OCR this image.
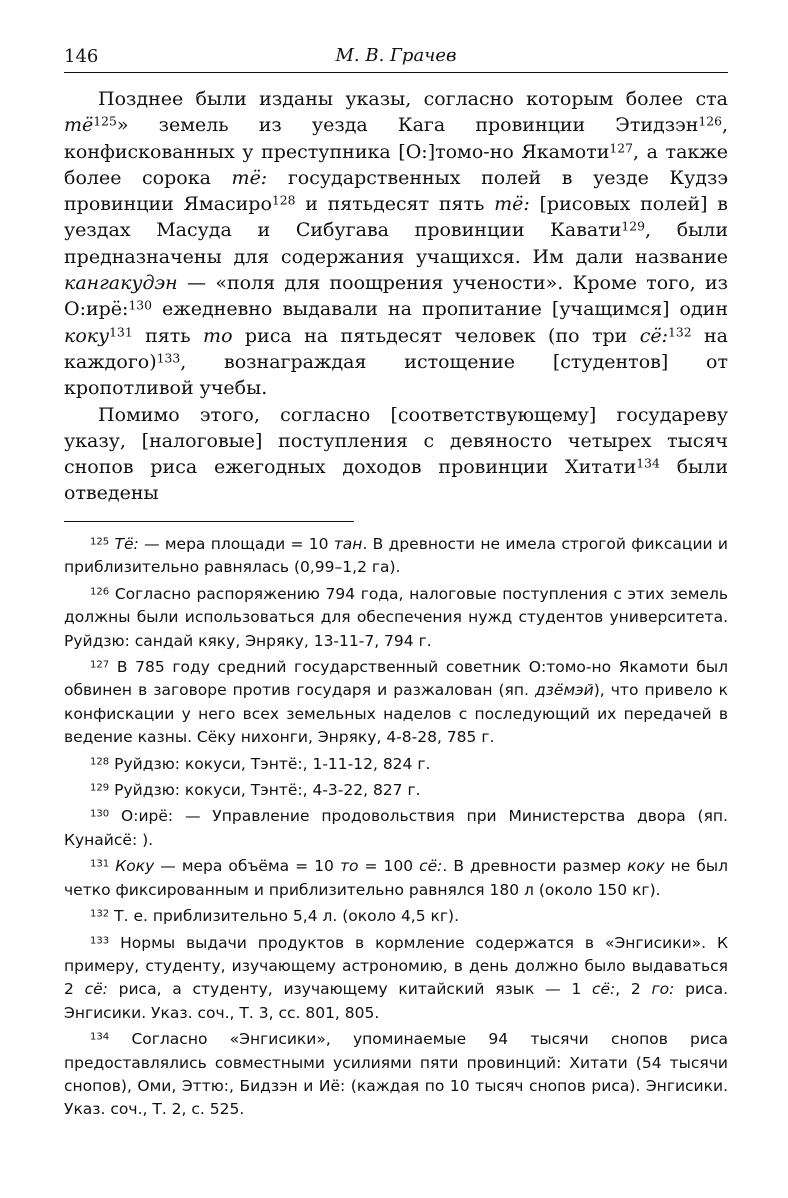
146	М. В. Грачев

Позднее были изданы указы, согласно которым более ста $тё^{125}$» земель из уезда Кага провинции Этидзэн$^{126}$, конфискованных у преступника [О:]томо-но Якамоти$^{127}$, а также более сорока тё: государственных полей в уезде Кудзэ провинции Ямасиро$^{128}$ и пятьдесят пять тё: [рисовых полей] в уездах Масуда и Сибугава провинции Кавати$^{129}$, были предназначены для содержания учащихся. Им дали название кангакудэн — «поля для поощрения учености». Кроме того, из О:ирё:$^{130}$ ежедневно выдавали на пропитание [учащимся] один коку$^{131}$ пять то риса на пятьдесят человек (по три сё:$^{132}$ на каждого)$^{133}$, вознаграждая истощение [студентов] от кропотливой учебы.

Помимо этого, согласно [соответствующему] государеву указу, [налоговые] поступления с девяносто четырех тысяч снопов риса ежегодных доходов провинции Хитати$^{134}$ были отведены

$^{125}$ Тё: — мера площади = 10 тан. В древности не имела строгой фиксации и приблизительно равнялась (0,99–1,2 га).

$^{126}$ Согласно распоряжению 794 года, налоговые поступления с этих земель должны были использоваться для обеспечения нужд студентов университета. Руйдзю: сандай кяку, Энряку, 13-11-7, 794 г.

$^{127}$ В 785 году средний государственный советник О:томо-но Якамоти был обвинен в заговоре против государя и разжалован (яп. дзёмэй), что привело к конфискации у него всех земельных наделов с последующий их передачей в ведение казны. Сёку нихонги, Энряку, 4-8-28, 785 г.

$^{128}$ Руйдзю: кокуси, Тэнтё:, 1-11-12, 824 г.

$^{129}$ Руйдзю: кокуси, Тэнтё:, 4-3-22, 827 г.

$^{130}$ О:ирё: — Управление продовольствия при Министерства двора (яп. Кунайсё: ).

$^{131}$ Коку — мера объёма = 10 то = 100 сё:. В древности размер коку не был четко фиксированным и приблизительно равнялся 180 л (около 150 кг).

$^{132}$ Т. е. приблизительно 5,4 л. (около 4,5 кг).

$^{133}$ Нормы выдачи продуктов в кормление содержатся в «Энгисики». К примеру, студенту, изучающему астрономию, в день должно было выдаваться 2 сё: риса, а студенту, изучающему китайский язык — 1 сё:, 2 го: риса. Энгисики. Указ. соч., Т. 3, сс. 801, 805.

$^{134}$ Согласно «Энгисики», упоминаемые 94 тысячи снопов риса предоставлялись совместными усилиями пяти провинций: Хитати (54 тысячи снопов), Оми, Эттю:, Бидзэн и Иё: (каждая по 10 тысяч снопов риса). Энгисики. Указ. соч., Т. 2, с. 525.
